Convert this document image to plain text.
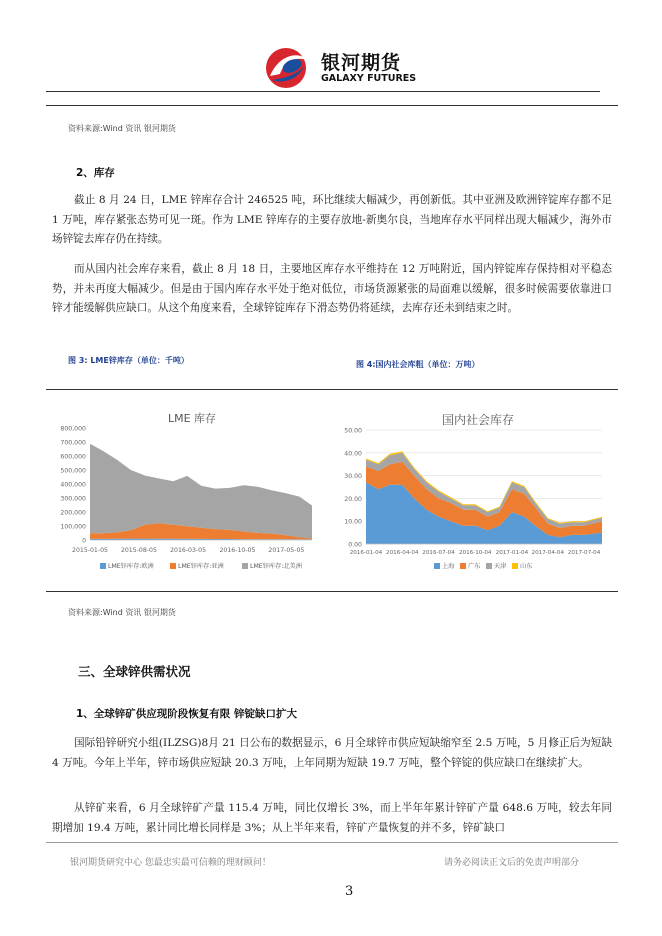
银河期货
GALAXY FUTURES
资料来源:Wind 资讯 银河期货
2、库存
截止 8 月 24 日，LME 锌库存合计 246525 吨，环比继续大幅减少，再创新低。其中亚洲及欧洲锌锭库存都不足 1 万吨，库存紧张态势可见一斑。作为 LME 锌库存的主要存放地-新奥尔良，当地库存水平同样出现大幅减少，海外市场锌锭去库存仍在持续。
而从国内社会库存来看，截止 8 月 18 日，主要地区库存水平维持在 12 万吨附近，国内锌锭库存保持相对平稳态势，并未再度大幅减少。但是由于国内库存水平处于绝对低位，市场货源紧张的局面难以缓解，很多时候需要依靠进口锌才能缓解供应缺口。从这个角度来看，全球锌锭库存下滑态势仍将延续，去库存还未到结束之时。
图 3: LME锌库存（单位：千吨）	图 4:国内社会库粗（单位：万吨）
LME 库存
800,000
700,000
600,000
500,000
400,000
300,000
200,000
100,000
0
2015-01-05 2015-08-05 2016-03-05 2016-10-05 2017-05-05
LME锌库存:欧洲	LME锌库存:亚洲	LME锌库存:北美洲
国内社会库存
50.00
40.00
30.00
20.00
10.00
0.00
2016-01-04 2016-04-04 2016-07-04 2016-10-04 2017-01-04 2017-04-04 2017-07-04
上海 广东 天津 山东
资料来源:Wind 资讯 银河期货
三、全球锌供需状况
1、全球锌矿供应现阶段恢复有限 锌锭缺口扩大
国际铅锌研究小组(ILZSG)8月 21 日公布的数据显示，6 月全球锌市供应短缺缩窄至 2.5 万吨，5 月修正后为短缺 4 万吨。今年上半年，锌市场供应短缺 20.3 万吨，上年同期为短缺 19.7 万吨，整个锌锭的供应缺口在继续扩大。
从锌矿来看，6 月全球锌矿产量 115.4 万吨，同比仅增长 3%，而上半年年累计锌矿产量 648.6 万吨，较去年同期增加 19.4 万吨，累计同比增长同样是 3%；从上半年来看，锌矿产量恢复的并不多，锌矿缺口
银河期货研究中心 您最忠实最可信赖的理财顾问！	请务必阅读正文后的免责声明部分
3
